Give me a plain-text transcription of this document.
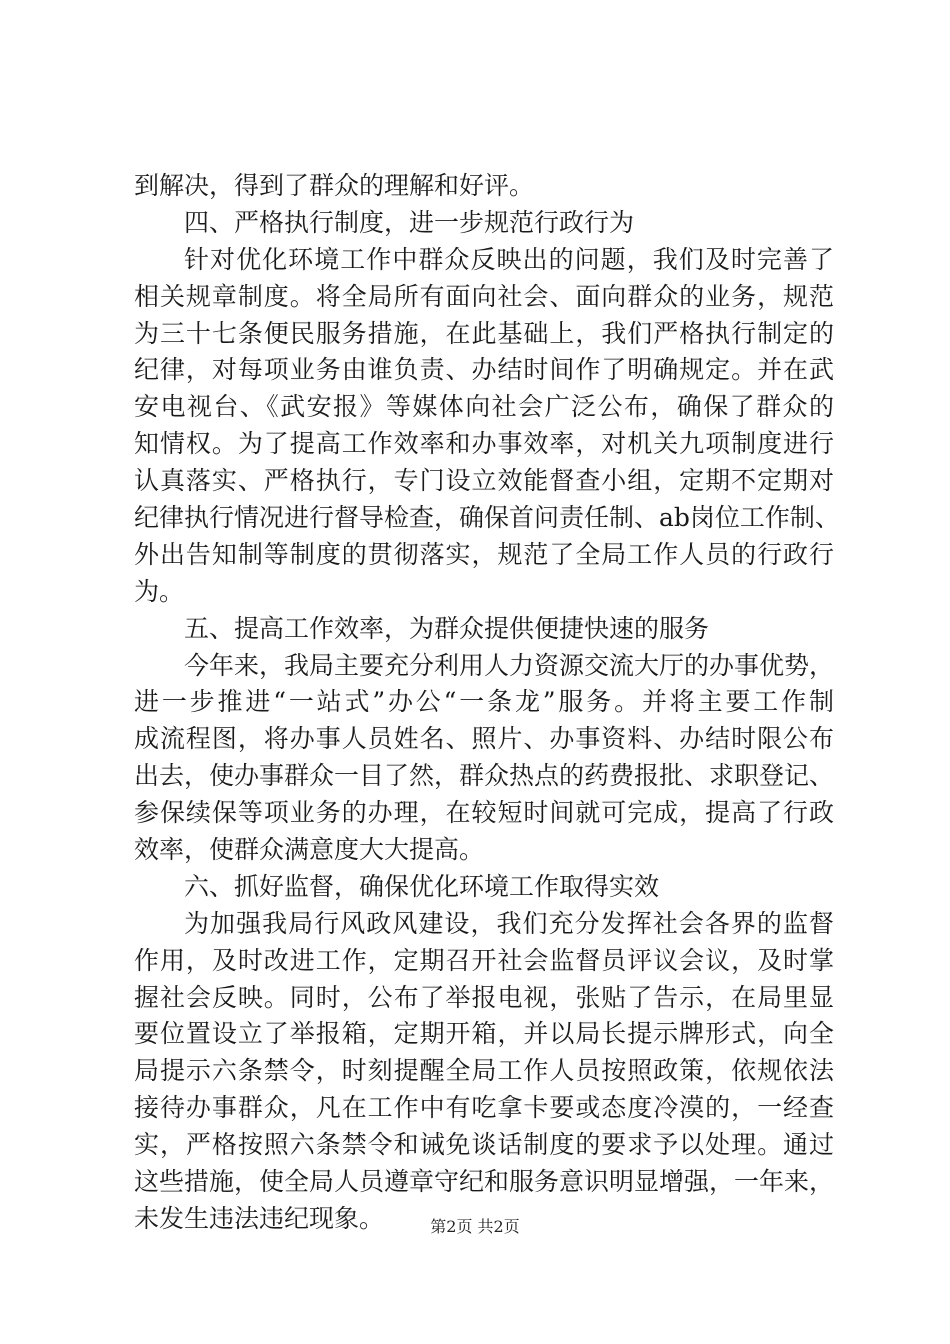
到解决，得到了群众的理解和好评。
四、严格执行制度，进一步规范行政行为
针对优化环境工作中群众反映出的问题，我们及时完善了
相关规章制度。将全局所有面向社会、面向群众的业务，规范
为三十七条便民服务措施，在此基础上，我们严格执行制定的
纪律，对每项业务由谁负责、办结时间作了明确规定。并在武
安电视台、《武安报》等媒体向社会广泛公布，确保了群众的
知情权。为了提高工作效率和办事效率，对机关九项制度进行
认真落实、严格执行，专门设立效能督查小组，定期不定期对
纪律执行情况进行督导检查，确保首问责任制、ab岗位工作制、
外出告知制等制度的贯彻落实，规范了全局工作人员的行政行
为。
五、提高工作效率，为群众提供便捷快速的服务
今年来，我局主要充分利用人力资源交流大厅的办事优势，
进一步推进“一站式”办公“一条龙”服务。并将主要工作制
成流程图，将办事人员姓名、照片、办事资料、办结时限公布
出去，使办事群众一目了然，群众热点的药费报批、求职登记、
参保续保等项业务的办理，在较短时间就可完成，提高了行政
效率，使群众满意度大大提高。
六、抓好监督，确保优化环境工作取得实效
为加强我局行风政风建设，我们充分发挥社会各界的监督
作用，及时改进工作，定期召开社会监督员评议会议，及时掌
握社会反映。同时，公布了举报电视，张贴了告示，在局里显
要位置设立了举报箱，定期开箱，并以局长提示牌形式，向全
局提示六条禁令，时刻提醒全局工作人员按照政策，依规依法
接待办事群众，凡在工作中有吃拿卡要或态度冷漠的，一经查
实，严格按照六条禁令和诫免谈话制度的要求予以处理。通过
这些措施，使全局人员遵章守纪和服务意识明显增强，一年来，
未发生违法违纪现象。	第2页 共2页
